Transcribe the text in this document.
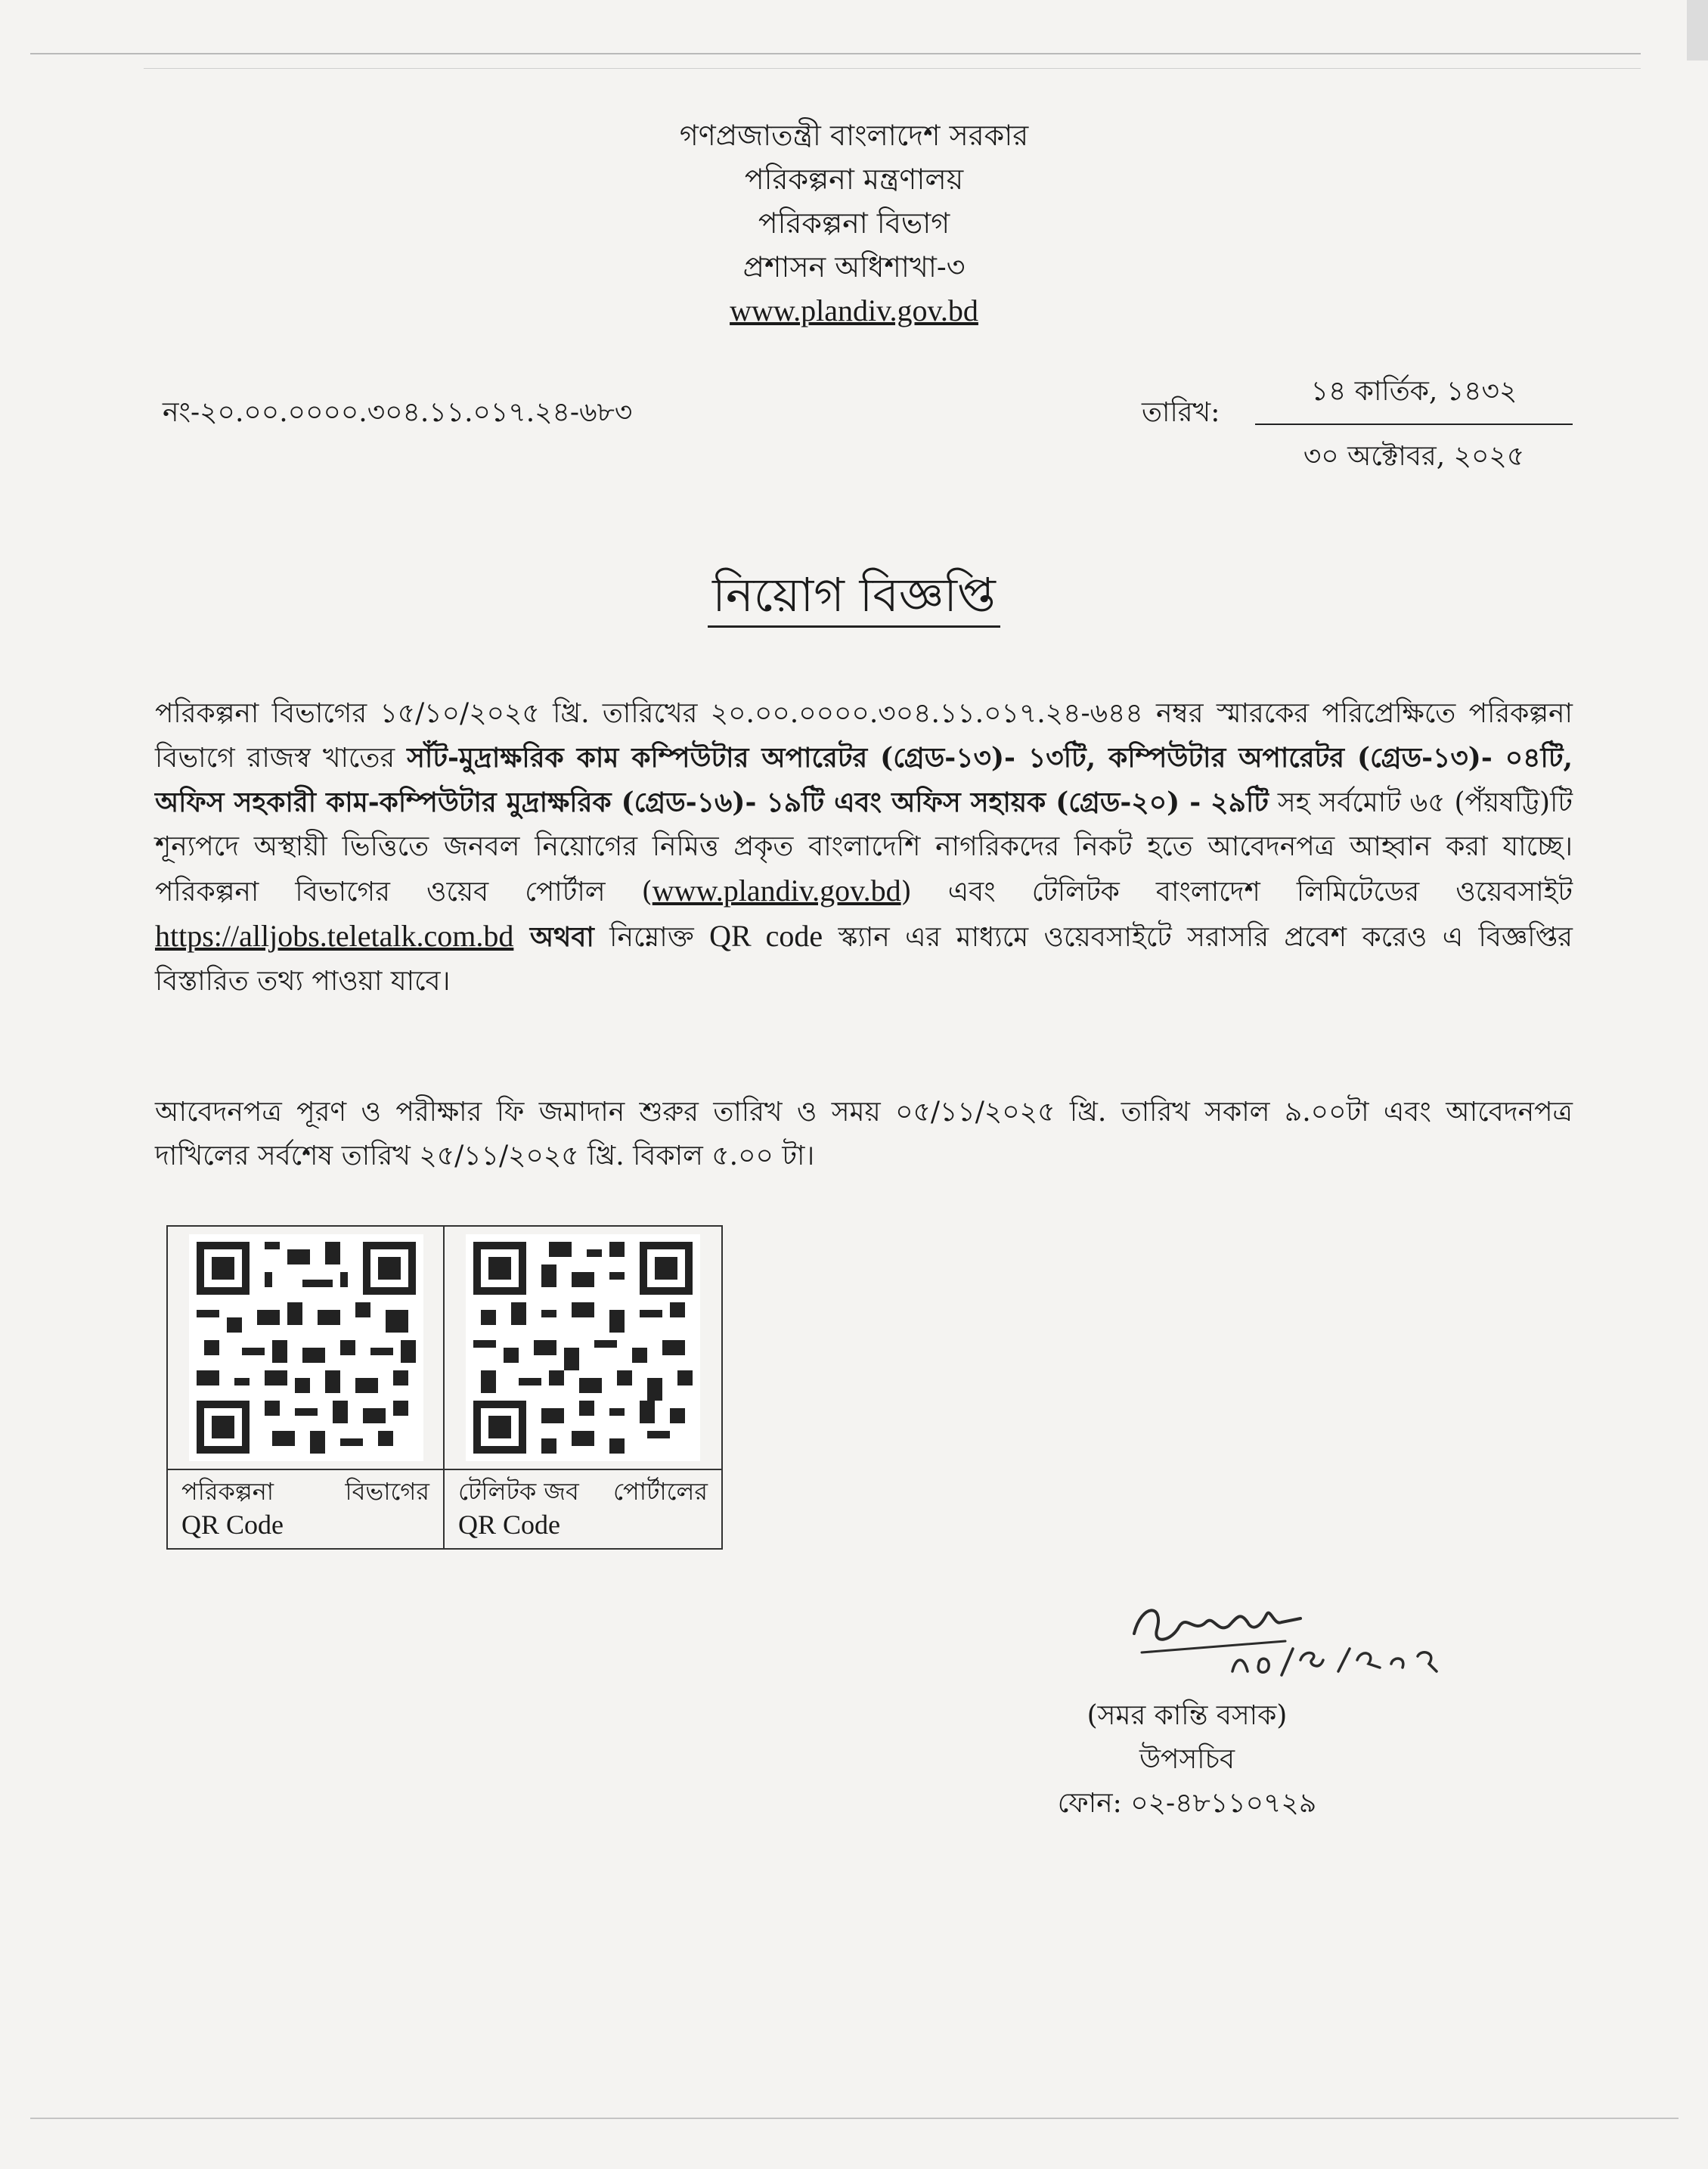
গণপ্রজাতন্ত্রী বাংলাদেশ সরকার
পরিকল্পনা মন্ত্রণালয়
পরিকল্পনা বিভাগ
প্রশাসন অধিশাখা-৩
www.plandiv.gov.bd
নং-২০.০০.০০০০.৩০৪.১১.০১৭.২৪-৬৮৩	তারিখ:
১৪ কার্তিক, ১৪৩২
৩০ অক্টোবর, ২০২৫
নিয়োগ বিজ্ঞপ্তি
পরিকল্পনা বিভাগের ১৫/১০/২০২৫ খ্রি. তারিখের ২০.০০.০০০০.৩০৪.১১.০১৭.২৪-৬৪৪ নম্বর স্মারকের পরিপ্রেক্ষিতে পরিকল্পনা বিভাগে রাজস্ব খাতের সাঁট-মুদ্রাক্ষরিক কাম কম্পিউটার অপারেটর (গ্রেড-১৩)- ১৩টি, কম্পিউটার অপারেটর (গ্রেড-১৩)- ০৪টি, অফিস সহকারী কাম-কম্পিউটার মুদ্রাক্ষরিক (গ্রেড-১৬)- ১৯টি এবং অফিস সহায়ক (গ্রেড-২০) - ২৯টি সহ সর্বমোট ৬৫ (পঁয়ষট্টি)টি শূন্যপদে অস্থায়ী ভিত্তিতে জনবল নিয়োগের নিমিত্ত প্রকৃত বাংলাদেশি নাগরিকদের নিকট হতে আবেদনপত্র আহ্বান করা যাচ্ছে। পরিকল্পনা বিভাগের ওয়েব পোর্টাল (www.plandiv.gov.bd) এবং টেলিটক বাংলাদেশ লিমিটেডের ওয়েবসাইট https://alljobs.teletalk.com.bd অথবা নিম্নোক্ত QR code স্ক্যান এর মাধ্যমে ওয়েবসাইটে সরাসরি প্রবেশ করেও এ বিজ্ঞপ্তির বিস্তারিত তথ্য পাওয়া যাবে।
আবেদনপত্র পূরণ ও পরীক্ষার ফি জমাদান শুরুর তারিখ ও সময় ০৫/১১/২০২৫ খ্রি. তারিখ সকাল ৯.০০টা এবং আবেদনপত্র দাখিলের সর্বশেষ তারিখ ২৫/১১/২০২৫ খ্রি. বিকাল ৫.০০ টা।
পরিকল্পনা	বিভাগের
QR Code
টেলিটক জব পোর্টালের
QR Code
(সমর কান্তি বসাক)
উপসচিব
ফোন: ০২-৪৮১১০৭২৯
